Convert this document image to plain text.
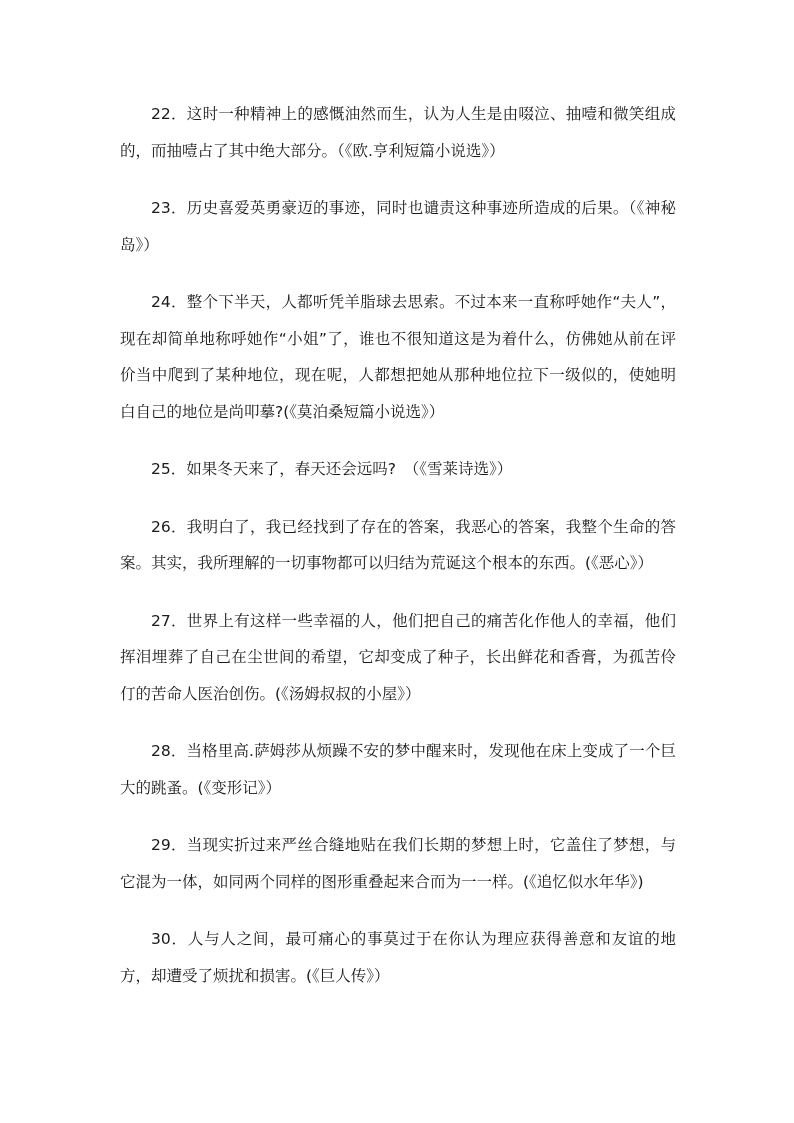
22．这时一种精神上的感慨油然而生，认为人生是由啜泣、抽噎和微笑组成的，而抽噎占了其中绝大部分。（《欧.亨利短篇小说选》）

23．历史喜爱英勇豪迈的事迹，同时也谴责这种事迹所造成的后果。（《神秘岛》）

24．整个下半天，人都听凭羊脂球去思索。不过本来一直称呼她作“夫人”，现在却简单地称呼她作“小姐”了，谁也不很知道这是为着什么，仿佛她从前在评价当中爬到了某种地位，现在呢，人都想把她从那种地位拉下一级似的，使她明白自己的地位是尚叩摹?(《莫泊桑短篇小说选》）

25．如果冬天来了，春天还会远吗?　（《雪莱诗选》）

26．我明白了，我已经找到了存在的答案，我恶心的答案，我整个生命的答案。其实，我所理解的一切事物都可以归结为荒诞这个根本的东西。(《恶心》）

27．世界上有这样一些幸福的人，他们把自己的痛苦化作他人的幸福，他们挥泪埋葬了自己在尘世间的希望，它却变成了种子，长出鲜花和香膏，为孤苦伶仃的苦命人医治创伤。(《汤姆叔叔的小屋》）

28．当格里高.萨姆莎从烦躁不安的梦中醒来时，发现他在床上变成了一个巨大的跳蚤。(《变形记》）

29．当现实折过来严丝合缝地贴在我们长期的梦想上时，它盖住了梦想，与它混为一体，如同两个同样的图形重叠起来合而为一一样。(《追忆似水年华》)

30．人与人之间，最可痛心的事莫过于在你认为理应获得善意和友谊的地方，却遭受了烦扰和损害。(《巨人传》）
